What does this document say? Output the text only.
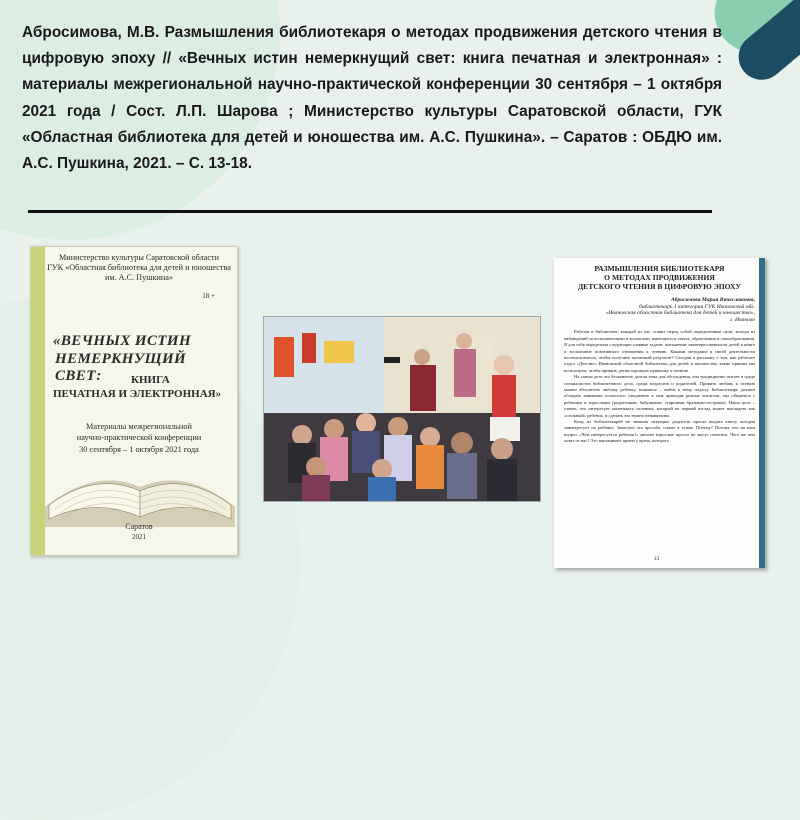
Абросимова, М.В. Размышления библиотекаря о методах продвижения детского чтения в цифровую эпоху // «Вечных истин немеркнущий свет: книга печатная и электронная» : материалы межрегиональной научно-практической конференции 30 сентября – 1 октября 2021 года / Сост. Л.П. Шарова ; Министерство культуры Саратовской области, ГУК «Областная библиотека для детей и юношества им. А.С. Пушкина». – Саратов : ОБДЮ им. А.С. Пушкина, 2021. – С. 13-18.

Министерство культуры Саратовской области
ГУК «Областная библиотека для детей и юношества
им. А.С. Пушкина»
18 +
«ВЕЧНЫХ ИСТИН
НЕМЕРКНУЩИЙ СВЕТ:	КНИГА
ПЕЧАТНАЯ И ЭЛЕКТРОННАЯ»
Материалы межрегиональной
научно-практической конференции
30 сентября – 1 октября 2021 года
Саратов
2021
РАЗМЫШЛЕНИЯ БИБЛИОТЕКАРЯ
О МЕТОДАХ ПРОДВИЖЕНИЯ
ДЕТСКОГО ЧТЕНИЯ В ЦИФРОВУЮ ЭПОХУ
Абросимова Мария Вячеславовна,
библиотекарь 1 категории ГУК Ивановской обл.
«Ивановская областная библиотека для детей и юношества»,
г. Иваново

Работая в библиотеке, каждый из нас ставит перед собой определенные цели, исходя из наблюдений за пользователями и коллегами, имеющегося опыта, образования и самообразования. Я для себя определила следующие главные задачи: повышение заинтересованности детей в книге и воспитание позитивного отношения к чтению. Какими методами я своей деятельности воспользоваться, чтобы получить желаемый результат? Сегодня я расскажу о том, как работает отдел «Детство» Ивановской областной библиотеки для детей и юношества, какие приемы мы используем, чтобы привить детям хорошую привычку к чтению.

На самом деле это бесконечно долгая тема для обсуждения, она традиционно питает в среде специалистов библиотечного дела, среди педагогов и родителей. Привить любовь к чтению можно абсолютно любому ребенку, взаимное – найти к нему подход. Библиотекарь должен обладать навыками психолога: ежедневно к нам приходят разные читатели, мы общаемся с ребятами и взрослыми (родителями, бабушками, старшими братьями-сестрами). Наша цель – узнать, что интересует маленького человека, который на первый взгляд может выглядеть как «сложный» ребенок, и сделать это нужно ненавязчиво.

Кому из библиотекарей не знакома ситуация: родители просят выдать книгу, которая заинтересует их ребенка. Зачастую эта просьба ставит в тупик. Почему? Потому что на наш вопрос «Чем интересуется ребенок?» многие взрослые просто не могут ответить. Чего же они хотят от нас? Это напоминает прием у врача, которого

13
